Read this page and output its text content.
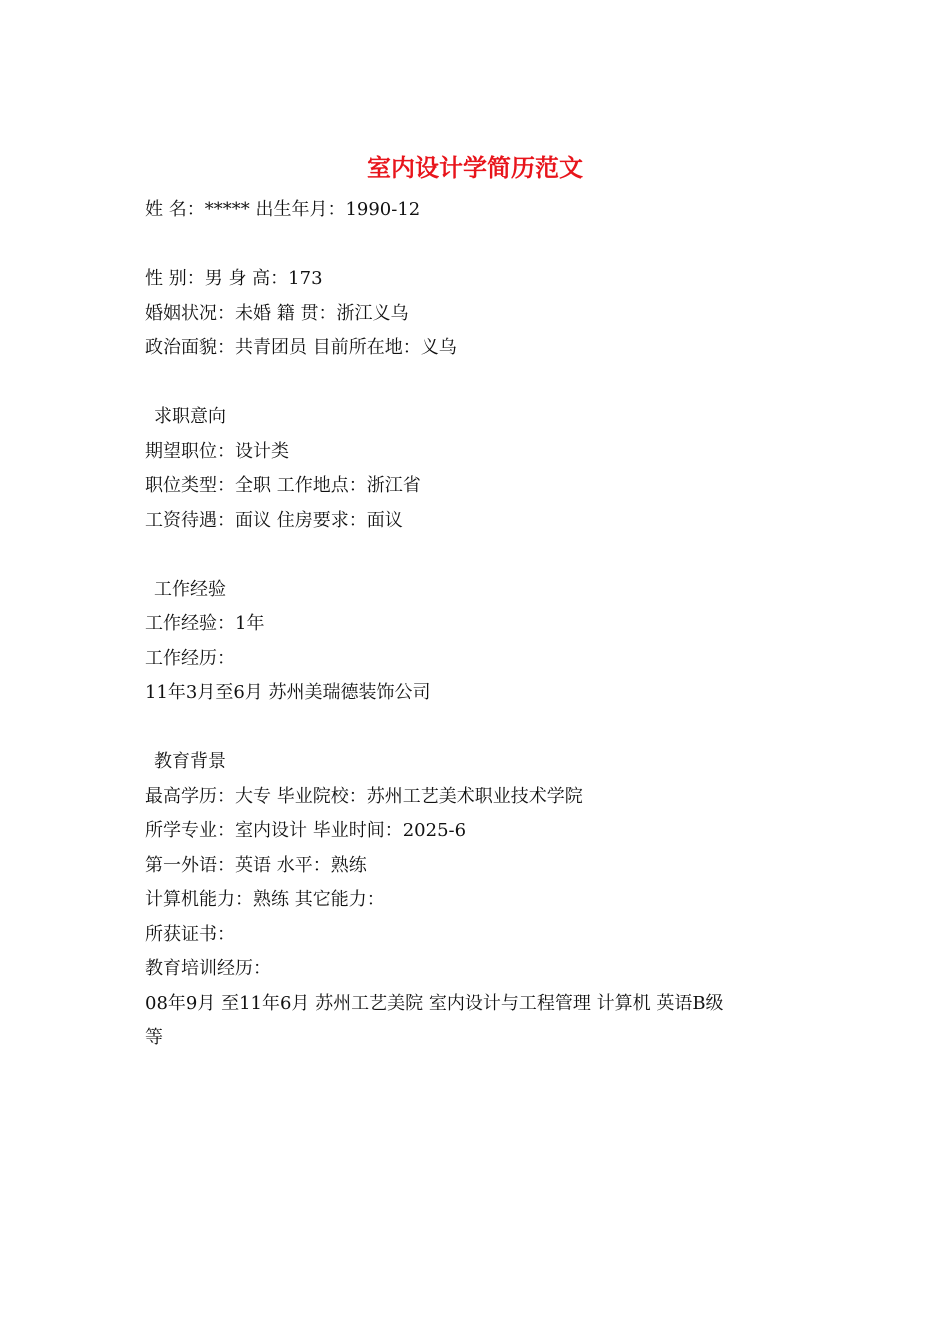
室内设计学简历范文
姓 名：***** 出生年月：1990-12
性 别：男 身 高：173
婚姻状况：未婚 籍 贯：浙江义乌
政治面貌：共青团员 目前所在地：义乌
求职意向
期望职位：设计类
职位类型：全职 工作地点：浙江省
工资待遇：面议 住房要求：面议
工作经验
工作经验：1年
工作经历：
11年3月至6月 苏州美瑞德装饰公司
教育背景
最高学历：大专 毕业院校：苏州工艺美术职业技术学院
所学专业：室内设计 毕业时间：2025-6
第一外语：英语 水平：熟练
计算机能力：熟练 其它能力：
所获证书：
教育培训经历：
08年9月 至11年6月 苏州工艺美院 室内设计与工程管理 计算机 英语B级
等
